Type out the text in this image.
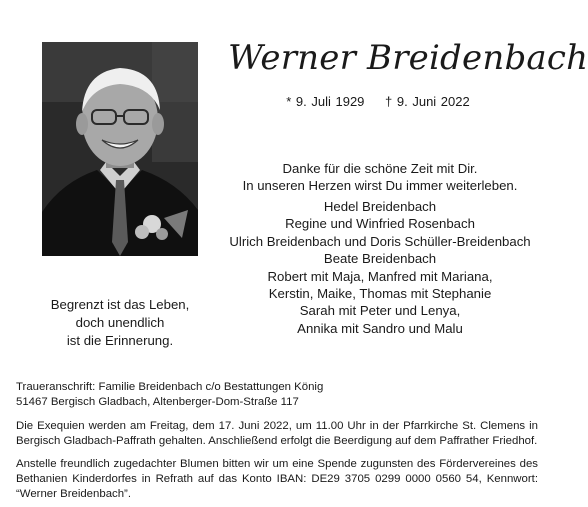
Werner Breidenbach
* 9. Juli 1929 † 9. Juni 2022
Danke für die schöne Zeit mit Dir.
In unseren Herzen wirst Du immer weiterleben.
Hedel Breidenbach
Regine und Winfried Rosenbach
Ulrich Breidenbach und Doris Schüller-Breidenbach
Beate Breidenbach
Robert mit Maja, Manfred mit Mariana,
Kerstin, Maike, Thomas mit Stephanie
Sarah mit Peter und Lenya,
Annika mit Sandro und Malu
Begrenzt ist das Leben,
doch unendlich
ist die Erinnerung.
Traueranschrift: Familie Breidenbach c/o Bestattungen König
51467 Bergisch Gladbach, Altenberger-Dom-Straße 117
Die Exequien werden am Freitag, dem 17. Juni 2022, um 11.00 Uhr in der Pfarrkirche St. Clemens in
Bergisch Gladbach-Paffrath gehalten. Anschließend erfolgt die Beerdigung auf dem Paffrather Friedhof.
Anstelle freundlich zugedachter Blumen bitten wir um eine Spende zugunsten des Fördervereines des
Bethanien Kinderdorfes in Refrath auf das Konto IBAN: DE29 3705 0299 0000 0560 54, Kennwort:
“Werner Breidenbach”.
